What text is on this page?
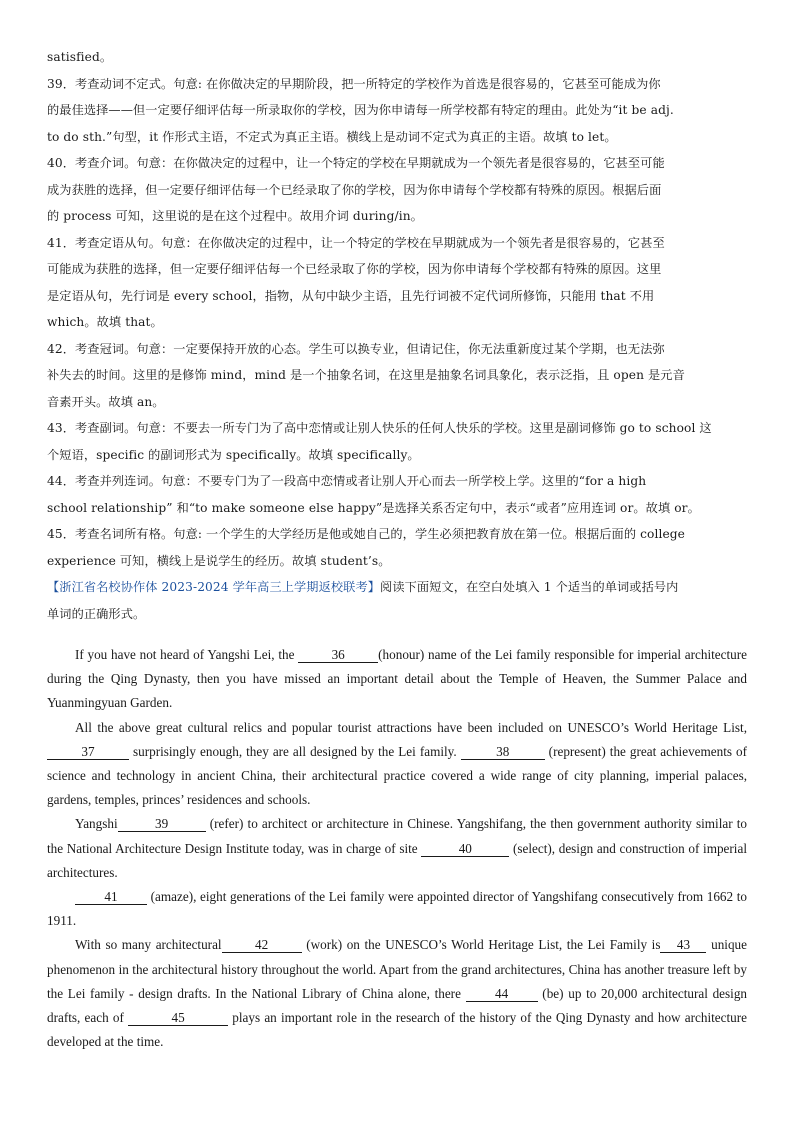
satisfied。
39．考查动词不定式。句意: 在你做决定的早期阶段，把一所特定的学校作为首选是很容易的，它甚至可能成为你
的最佳选择——但一定要仔细评估每一所录取你的学校，因为你申请每一所学校都有特定的理由。此处为“it be adj.
to do sth.”句型，it 作形式主语，不定式为真正主语。横线上是动词不定式为真正的主语。故填 to let。
40．考查介词。句意：在你做决定的过程中，让一个特定的学校在早期就成为一个领先者是很容易的，它甚至可能
成为获胜的选择，但一定要仔细评估每一个已经录取了你的学校，因为你申请每个学校都有特殊的原因。根据后面
的 process 可知，这里说的是在这个过程中。故用介词 during/in。
41．考查定语从句。句意：在你做决定的过程中，让一个特定的学校在早期就成为一个领先者是很容易的，它甚至
可能成为获胜的选择，但一定要仔细评估每一个已经录取了你的学校，因为你申请每个学校都有特殊的原因。这里
是定语从句，先行词是 every school，指物，从句中缺少主语，且先行词被不定代词所修饰，只能用 that 不用
which。故填 that。
42．考查冠词。句意：一定要保持开放的心态。学生可以换专业，但请记住，你无法重新度过某个学期，也无法弥
补失去的时间。这里的是修饰 mind，mind 是一个抽象名词，在这里是抽象名词具象化，表示泛指，且 open 是元音
音素开头。故填 an。
43．考查副词。句意：不要去一所专门为了高中恋情或让别人快乐的任何人快乐的学校。这里是副词修饰 go to school 这
个短语，specific 的副词形式为 specifically。故填 specifically。
44．考查并列连词。句意：不要专门为了一段高中恋情或者让别人开心而去一所学校上学。这里的“for a high
school relationship” 和“to make someone else happy”是选择关系否定句中，表示“或者”应用连词 or。故填 or。
45．考查名词所有格。句意: 一个学生的大学经历是他或她自己的，学生必须把教育放在第一位。根据后面的 college
experience 可知，横线上是说学生的经历。故填 student’s。
【浙江省名校协作体 2023-2024 学年高三上学期返校联考】阅读下面短文，在空白处填入 1 个适当的单词或括号内
单词的正确形式。

If you have not heard of Yangshi Lei, the	36	(honour) name of the Lei family responsible for imperial architecture during the Qing Dynasty, then you have missed an important detail about the Temple of Heaven, the Summer Palace and Yuanmingyuan Garden.

All the above great cultural relics and popular tourist attractions have been included on UNESCO’s World Heritage List, 37	surprisingly enough, they are all designed by the Lei family.	38	(represent) the great achievements of science and technology in ancient China, their architectural practice covered a wide range of city planning, imperial palaces, gardens, temples, princes’ residences and schools.

Yangshi	39	(refer) to architect or architecture in Chinese. Yangshifang, the then government authority similar to the National Architecture Design Institute today, was in charge of site	40	(select), design and construction of imperial architectures.

41 (amaze), eight generations of the Lei family were appointed director of Yangshifang consecutively from 1662 to 1911.

With so many architectural	42	(work) on the UNESCO’s World Heritage List, the Lei Family is 43 unique phenomenon in the architectural history throughout the world. Apart from the grand architectures, China has another treasure left by the Lei family - design drafts. In the National Library of China alone, there 44 (be) up to 20,000 architectural design drafts, each of	45	plays an important role in the research of the history of the Qing Dynasty and how architecture developed at the time.
